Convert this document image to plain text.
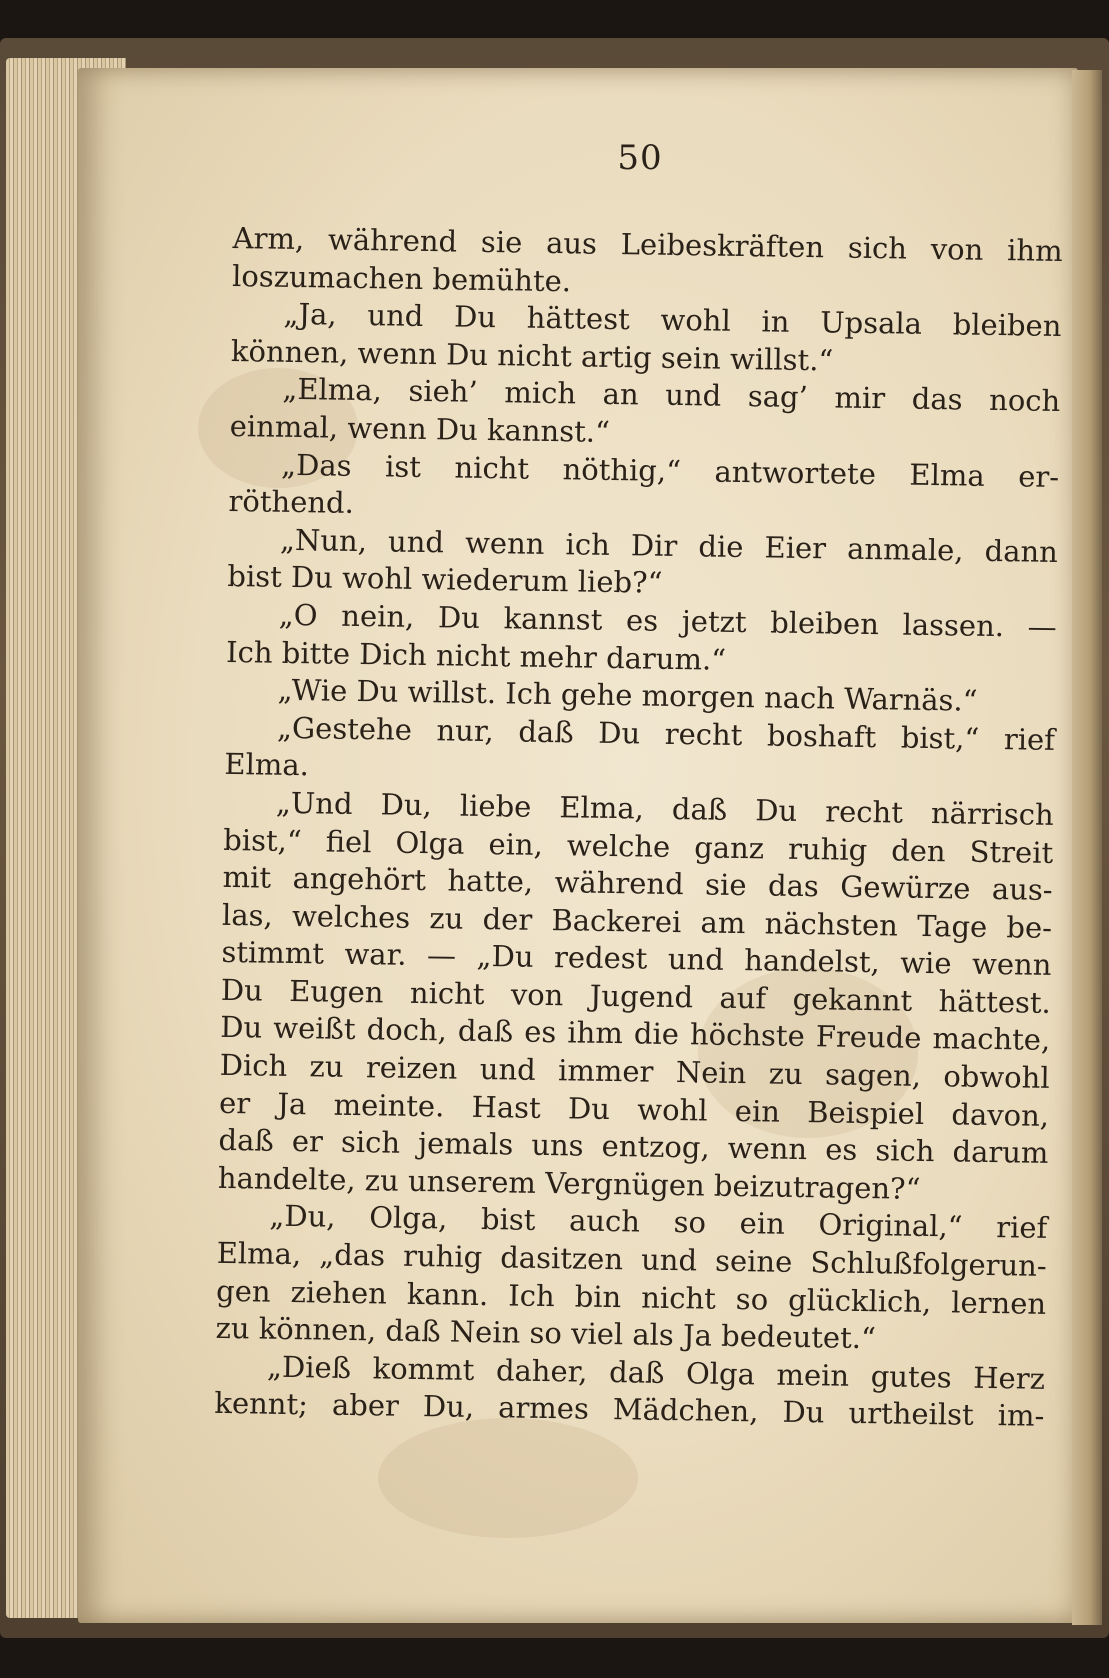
50
Arm, während sie aus Leibeskräften sich von ihm
loszumachen bemühte.
„Ja, und Du hättest wohl in Upsala bleiben
können, wenn Du nicht artig sein willst.“
„Elma, sieh’ mich an und sag’ mir das noch
einmal, wenn Du kannst.“
„Das ist nicht nöthig,“ antwortete Elma er-
röthend.
„Nun, und wenn ich Dir die Eier anmale, dann
bist Du wohl wiederum lieb?“
„O nein, Du kannst es jetzt bleiben lassen. —
Ich bitte Dich nicht mehr darum.“
„Wie Du willst. Ich gehe morgen nach Warnäs.“
„Gestehe nur, daß Du recht boshaft bist,“ rief
Elma.
„Und Du, liebe Elma, daß Du recht närrisch
bist,“ fiel Olga ein, welche ganz ruhig den Streit
mit angehört hatte, während sie das Gewürze aus-
las, welches zu der Backerei am nächsten Tage be-
stimmt war. — „Du redest und handelst, wie wenn
Du Eugen nicht von Jugend auf gekannt hättest.
Du weißt doch, daß es ihm die höchste Freude machte,
Dich zu reizen und immer Nein zu sagen, obwohl
er Ja meinte. Hast Du wohl ein Beispiel davon,
daß er sich jemals uns entzog, wenn es sich darum
handelte, zu unserem Vergnügen beizutragen?“
„Du, Olga, bist auch so ein Original,“ rief
Elma, „das ruhig dasitzen und seine Schlußfolgerun-
gen ziehen kann. Ich bin nicht so glücklich, lernen
zu können, daß Nein so viel als Ja bedeutet.“
„Dieß kommt daher, daß Olga mein gutes Herz
kennt; aber Du, armes Mädchen, Du urtheilst im-
